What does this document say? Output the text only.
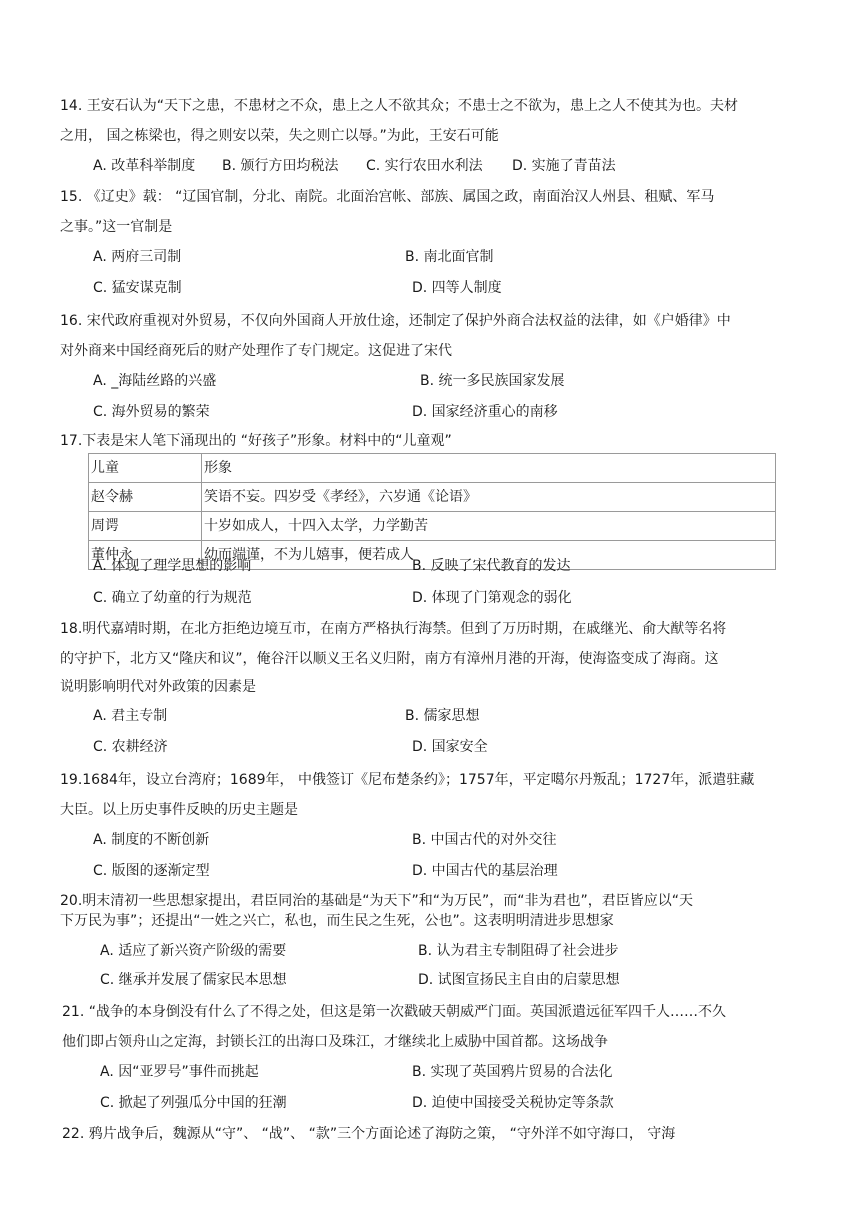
14. 王安石认为“天下之患，不患材之不众，患上之人不欲其众；不患士之不欲为，患上之人不使其为也。夫材
之用， 国之栋梁也，得之则安以荣，失之则亡以辱。”为此，王安石可能
A. 改革科举制度 B. 颁行方田均税法 C. 实行农田水利法 D. 实施了青苗法
15. 《辽史》载： “辽国官制，分北、南院。北面治宫帐、部族、属国之政，南面治汉人州县、租赋、军马
之事。”这一官制是
A. 两府三司制	B. 南北面官制
C. 猛安谋克制	D. 四等人制度
16. 宋代政府重视对外贸易，不仅向外国商人开放仕途，还制定了保护外商合法权益的法律，如《户婚律》中
对外商来中国经商死后的财产处理作了专门规定。这促进了宋代
A. _海陆丝路的兴盛	B. 统一多民族国家发展
C. 海外贸易的繁荣	D. 国家经济重心的南移
17.下表是宋人笔下涌现出的 “好孩子”形象。材料中的“儿童观”
儿童	形象
赵令赫	笑语不妄。四岁受《孝经》，六岁通《论语》
周谔	十岁如成人，十四入太学，力学勤苦
董仲永	幼而端谨，不为儿嬉事，便若成人
A. 体现了理学思想的影响	B. 反映了宋代教育的发达
C. 确立了幼童的行为规范	D. 体现了门第观念的弱化
18.明代嘉靖时期，在北方拒绝边境互市，在南方严格执行海禁。但到了万历时期，在戚继光、俞大猷等名将
的守护下，北方又“隆庆和议”，俺谷汗以顺义王名义归附，南方有漳州月港的开海，使海盗变成了海商。这
说明影响明代对外政策的因素是
A. 君主专制	B. 儒家思想
C. 农耕经济	D. 国家安全
19.1684年，设立台湾府；1689年， 中俄签订《尼布楚条约》；1757年，平定噶尔丹叛乱；1727年，派遣驻藏
大臣。以上历史事件反映的历史主题是
A. 制度的不断创新	B. 中国古代的对外交往
C. 版图的逐渐定型	D. 中国古代的基层治理
20.明末清初一些思想家提出，君臣同治的基础是“为天下”和“为万民”，而“非为君也”，君臣皆应以“天
下万民为事”；还提出“一姓之兴亡，私也，而生民之生死，公也”。这表明明清进步思想家
A. 适应了新兴资产阶级的需要	B. 认为君主专制阻碍了社会进步
C. 继承并发展了儒家民本思想	D. 试图宣扬民主自由的启蒙思想
21. “战争的本身倒没有什么了不得之处，但这是第一次戳破天朝威严门面。英国派遣远征军四千人……不久
他们即占领舟山之定海，封锁长江的出海口及珠江，才继续北上威胁中国首都。这场战争
A. 因“亚罗号”事件而挑起	B. 实现了英国鸦片贸易的合法化
C. 掀起了列强瓜分中国的狂潮	D. 迫使中国接受关税协定等条款
22. 鸦片战争后，魏源从“守”、 “战”、 “款”三个方面论述了海防之策， “守外洋不如守海口， 守海
